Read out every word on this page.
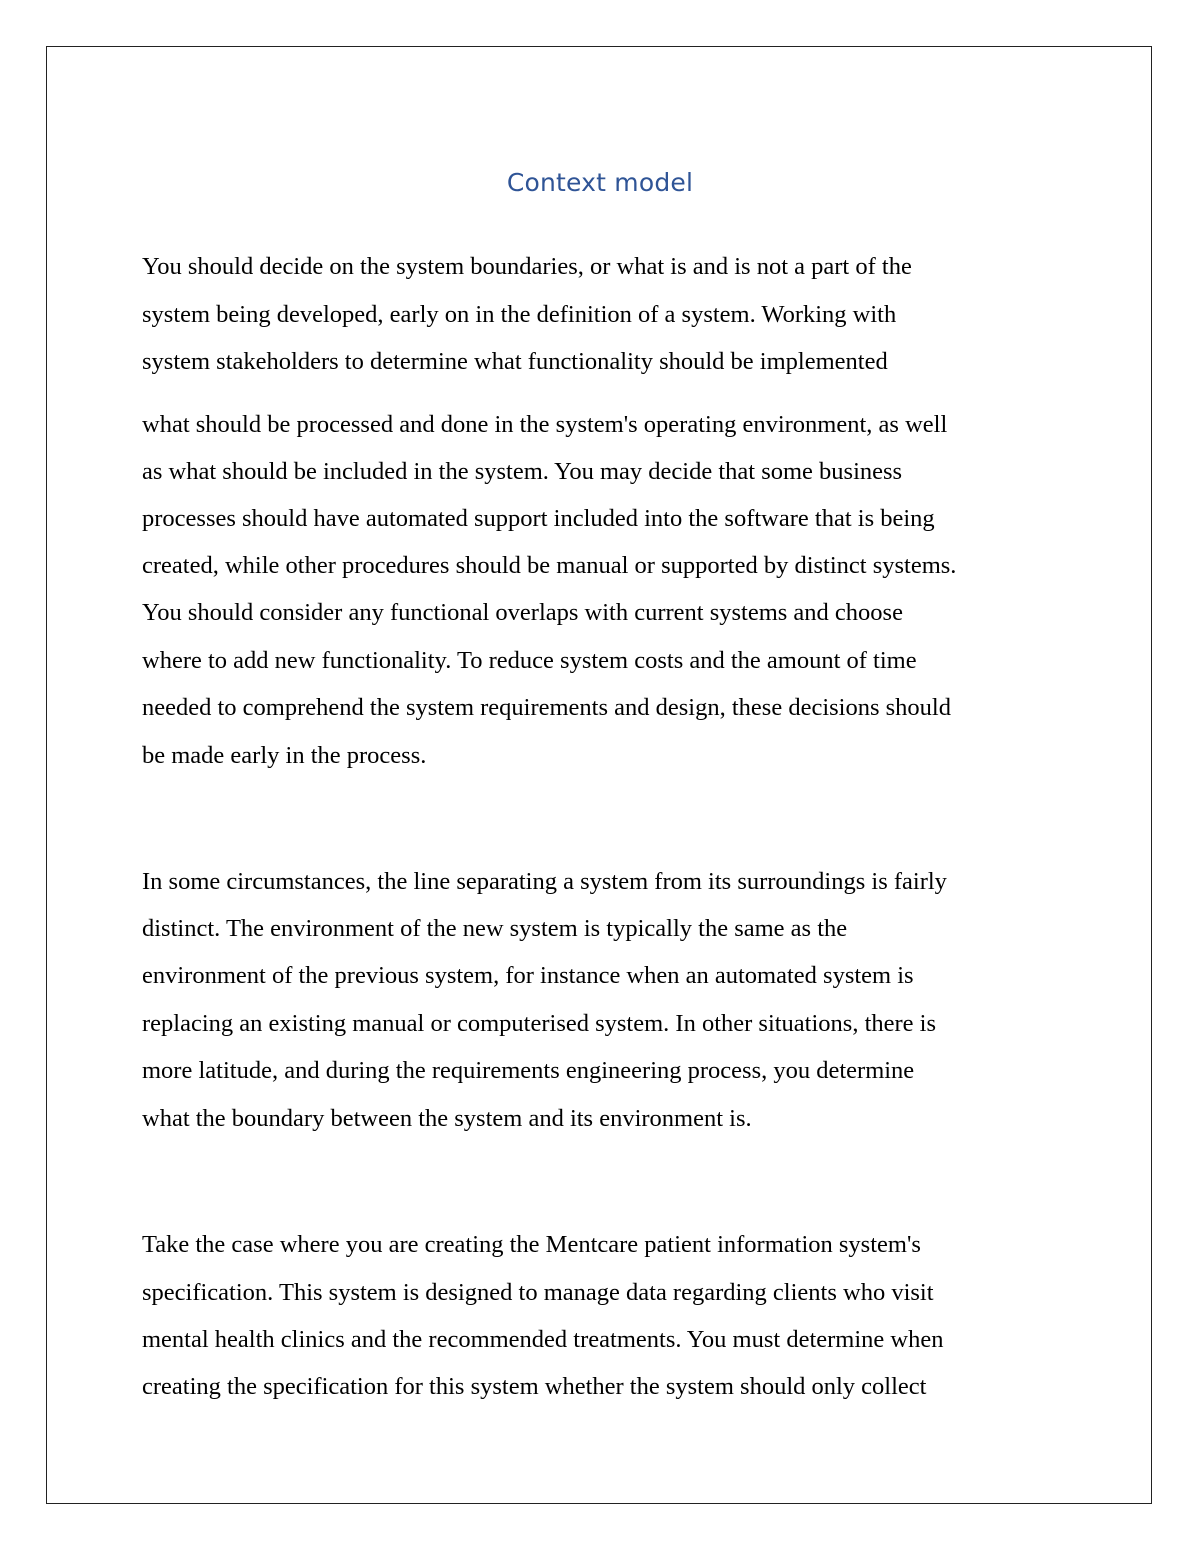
Context model
You should decide on the system boundaries, or what is and is not a part of the
system being developed, early on in the definition of a system. Working with
system stakeholders to determine what functionality should be implemented
what should be processed and done in the system's operating environment, as well
as what should be included in the system. You may decide that some business
processes should have automated support included into the software that is being
created, while other procedures should be manual or supported by distinct systems.
You should consider any functional overlaps with current systems and choose
where to add new functionality. To reduce system costs and the amount of time
needed to comprehend the system requirements and design, these decisions should
be made early in the process.
In some circumstances, the line separating a system from its surroundings is fairly
distinct. The environment of the new system is typically the same as the
environment of the previous system, for instance when an automated system is
replacing an existing manual or computerised system. In other situations, there is
more latitude, and during the requirements engineering process, you determine
what the boundary between the system and its environment is.
Take the case where you are creating the Mentcare patient information system's
specification. This system is designed to manage data regarding clients who visit
mental health clinics and the recommended treatments. You must determine when
creating the specification for this system whether the system should only collect
